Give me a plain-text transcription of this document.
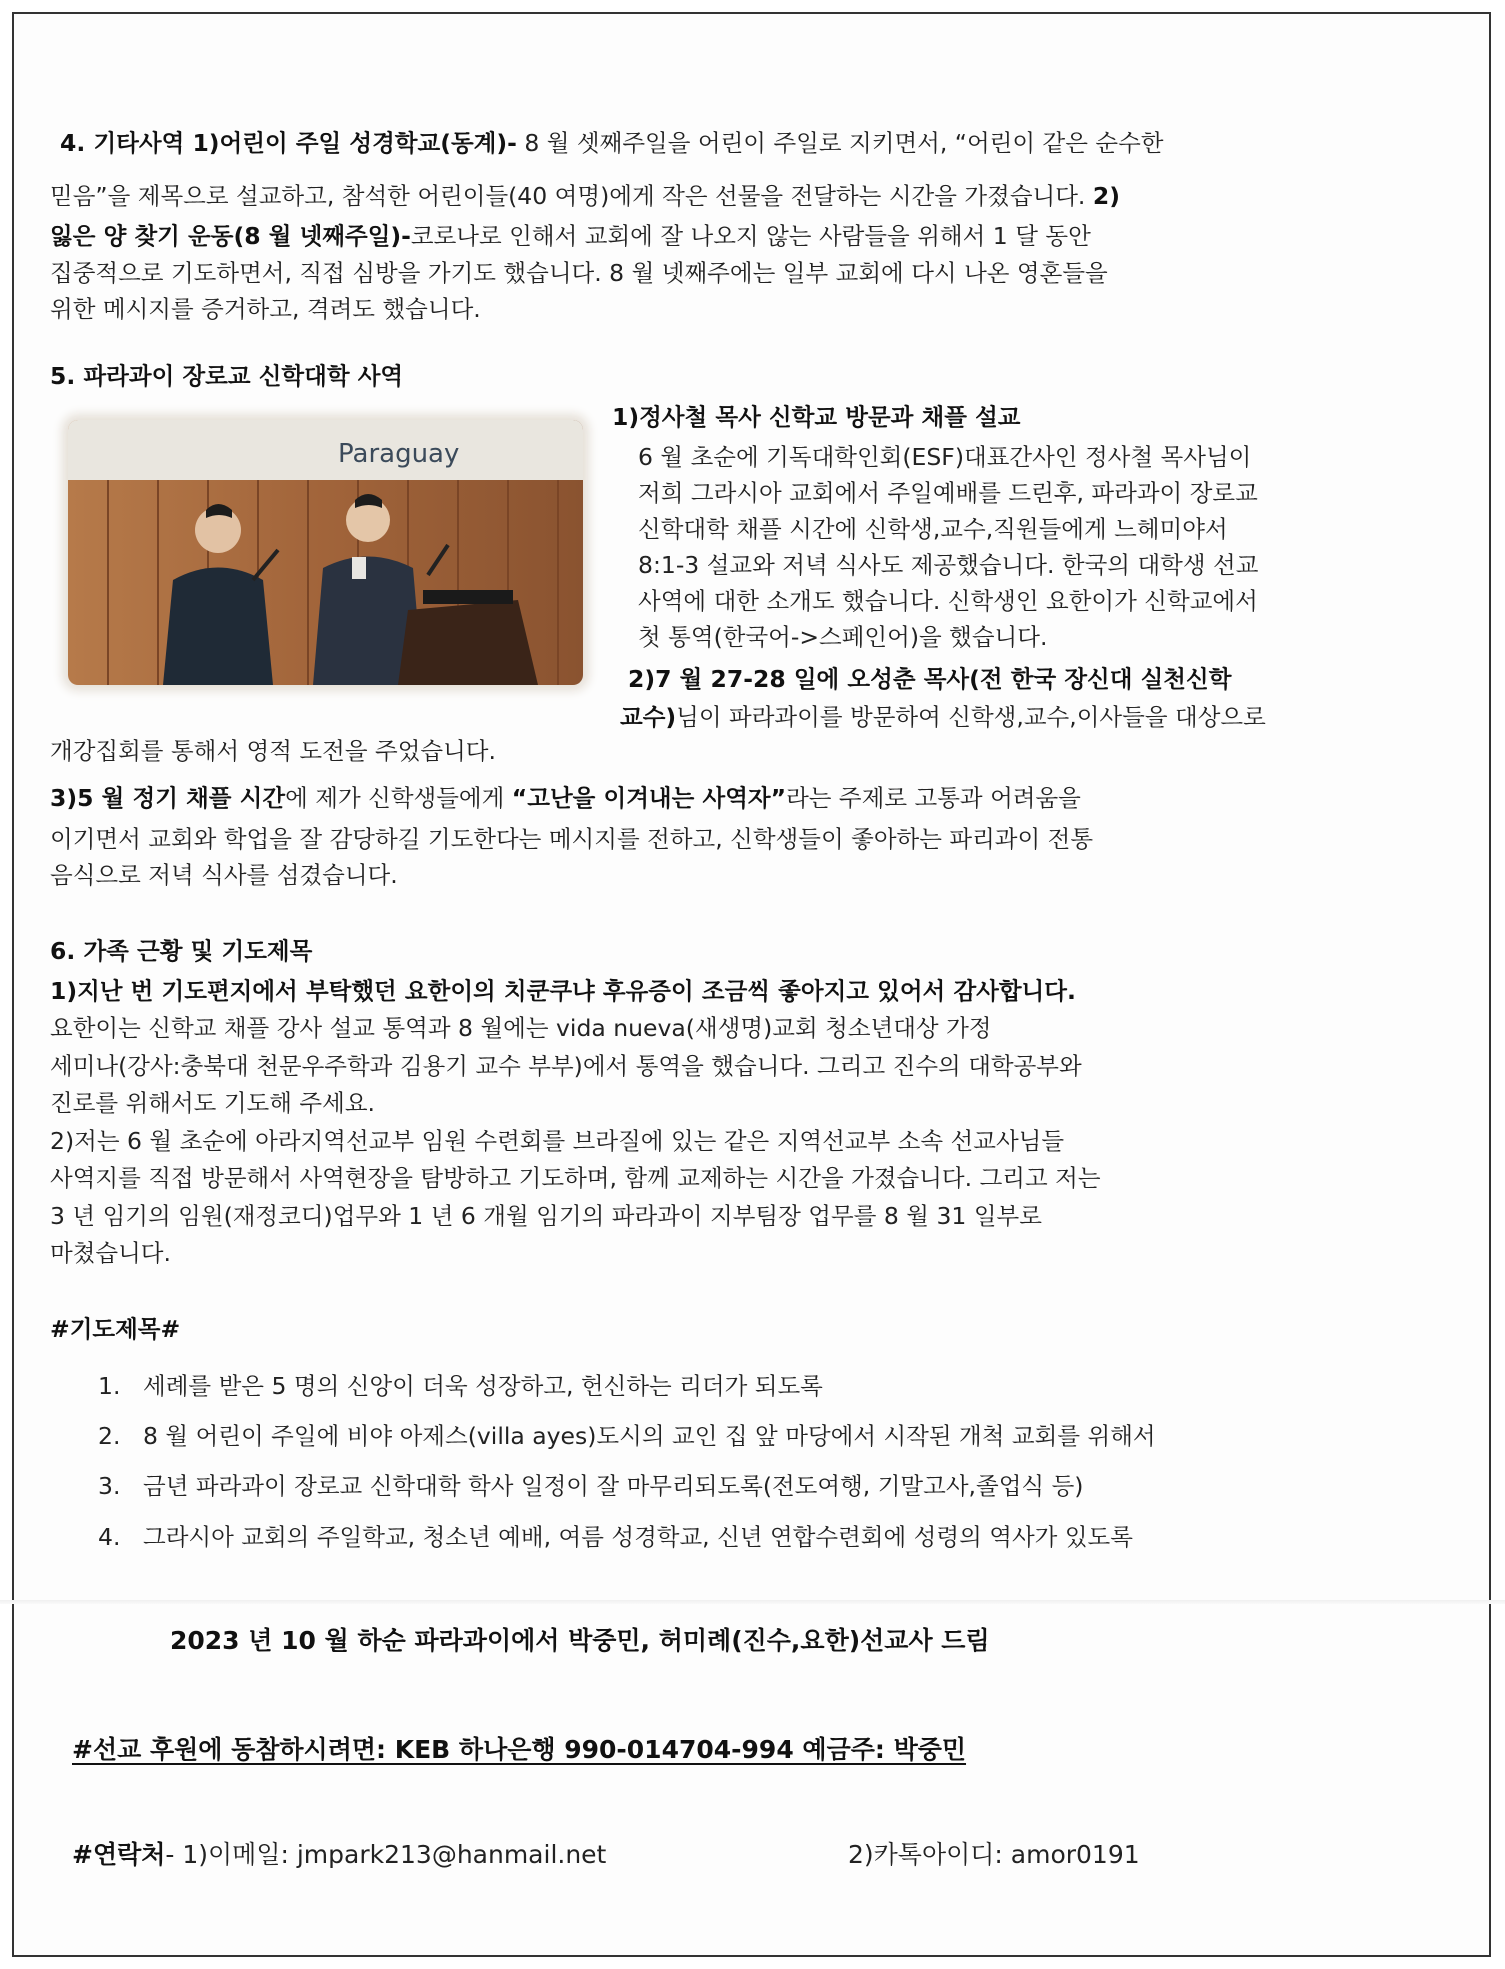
4. 기타사역 1)어린이 주일 성경학교(동계)- 8 월 셋째주일을 어린이 주일로 지키면서, “어린이 같은 순수한
믿음”을 제목으로 설교하고, 참석한 어린이들(40 여명)에게 작은 선물을 전달하는 시간을 가졌습니다. 2)
잃은 양 찾기 운동(8 월 넷째주일)-코로나로 인해서 교회에 잘 나오지 않는 사람들을 위해서 1 달 동안
집중적으로 기도하면서, 직접 심방을 가기도 했습니다. 8 월 넷째주에는 일부 교회에 다시 나온 영혼들을
위한 메시지를 증거하고, 격려도 했습니다.
5. 파라과이 장로교 신학대학 사역
Paraguay
1)정사철 목사 신학교 방문과 채플 설교
6 월 초순에 기독대학인회(ESF)대표간사인 정사철 목사님이
저희 그라시아 교회에서 주일예배를 드린후, 파라과이 장로교
신학대학 채플 시간에 신학생,교수,직원들에게 느헤미야서
8:1-3 설교와 저녁 식사도 제공했습니다. 한국의 대학생 선교
사역에 대한 소개도 했습니다. 신학생인 요한이가 신학교에서
첫 통역(한국어->스페인어)을 했습니다.
2)7 월 27-28 일에 오성춘 목사(전 한국 장신대 실천신학
교수)님이 파라과이를 방문하여 신학생,교수,이사들을 대상으로
개강집회를 통해서 영적 도전을 주었습니다.
3)5 월 정기 채플 시간에 제가 신학생들에게 “고난을 이겨내는 사역자”라는 주제로 고통과 어려움을
이기면서 교회와 학업을 잘 감당하길 기도한다는 메시지를 전하고, 신학생들이 좋아하는 파리과이 전통
음식으로 저녁 식사를 섬겼습니다.
6. 가족 근황 및 기도제목
1)지난 번 기도편지에서 부탁했던 요한이의 치쿤쿠냐 후유증이 조금씩 좋아지고 있어서 감사합니다.
요한이는 신학교 채플 강사 설교 통역과 8 월에는 vida nueva(새생명)교회 청소년대상 가정
세미나(강사:충북대 천문우주학과 김용기 교수 부부)에서 통역을 했습니다. 그리고 진수의 대학공부와
진로를 위해서도 기도해 주세요.
2)저는 6 월 초순에 아라지역선교부 임원 수련회를 브라질에 있는 같은 지역선교부 소속 선교사님들
사역지를 직접 방문해서 사역현장을 탐방하고 기도하며, 함께 교제하는 시간을 가졌습니다. 그리고 저는
3 년 임기의 임원(재정코디)업무와 1 년 6 개월 임기의 파라과이 지부팀장 업무를 8 월 31 일부로
마쳤습니다.
#기도제목#
1. 세례를 받은 5 명의 신앙이 더욱 성장하고, 헌신하는 리더가 되도록
2. 8 월 어린이 주일에 비야 아제스(villa ayes)도시의 교인 집 앞 마당에서 시작된 개척 교회를 위해서
3. 금년 파라과이 장로교 신학대학 학사 일정이 잘 마무리되도록(전도여행, 기말고사,졸업식 등)
4. 그라시아 교회의 주일학교, 청소년 예배, 여름 성경학교, 신년 연합수련회에 성령의 역사가 있도록
2023 년 10 월 하순 파라과이에서 박중민, 허미례(진수,요한)선교사 드림
#선교 후원에 동참하시려면: KEB 하나은행 990-014704-994 예금주: 박중민
#연락처- 1)이메일: jmpark213@hanmail.net	2)카톡아이디: amor0191
